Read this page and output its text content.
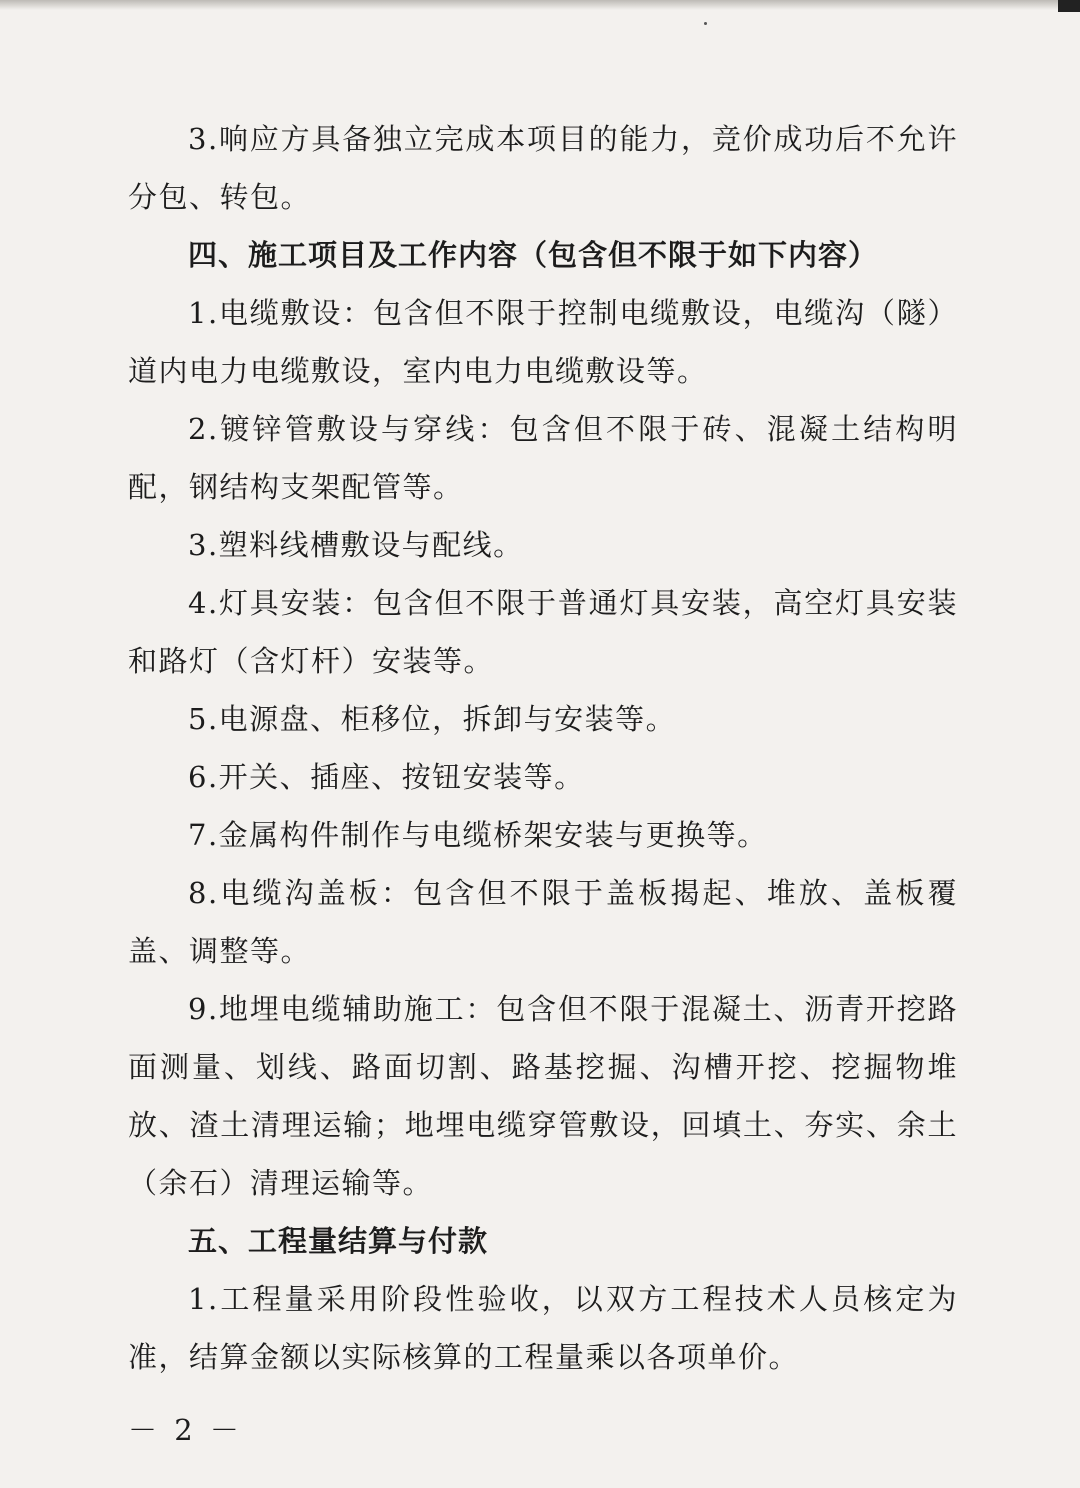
3.响应方具备独立完成本项目的能力，竞价成功后不允许分包、转包。

四、施工项目及工作内容（包含但不限于如下内容）

1.电缆敷设：包含但不限于控制电缆敷设，电缆沟（隧）道内电力电缆敷设，室内电力电缆敷设等。

2.镀锌管敷设与穿线：包含但不限于砖、混凝土结构明配，钢结构支架配管等。

3.塑料线槽敷设与配线。

4.灯具安装：包含但不限于普通灯具安装，高空灯具安装和路灯（含灯杆）安装等。

5.电源盘、柜移位，拆卸与安装等。

6.开关、插座、按钮安装等。

7.金属构件制作与电缆桥架安装与更换等。

8.电缆沟盖板：包含但不限于盖板揭起、堆放、盖板覆盖、调整等。

9.地埋电缆辅助施工：包含但不限于混凝土、沥青开挖路面测量、划线、路面切割、路基挖掘、沟槽开挖、挖掘物堆放、渣土清理运输；地埋电缆穿管敷设，回填土、夯实、余土（余石）清理运输等。

五、工程量结算与付款

1.工程量采用阶段性验收，以双方工程技术人员核定为准，结算金额以实际核算的工程量乘以各项单价。

－ 2 －
